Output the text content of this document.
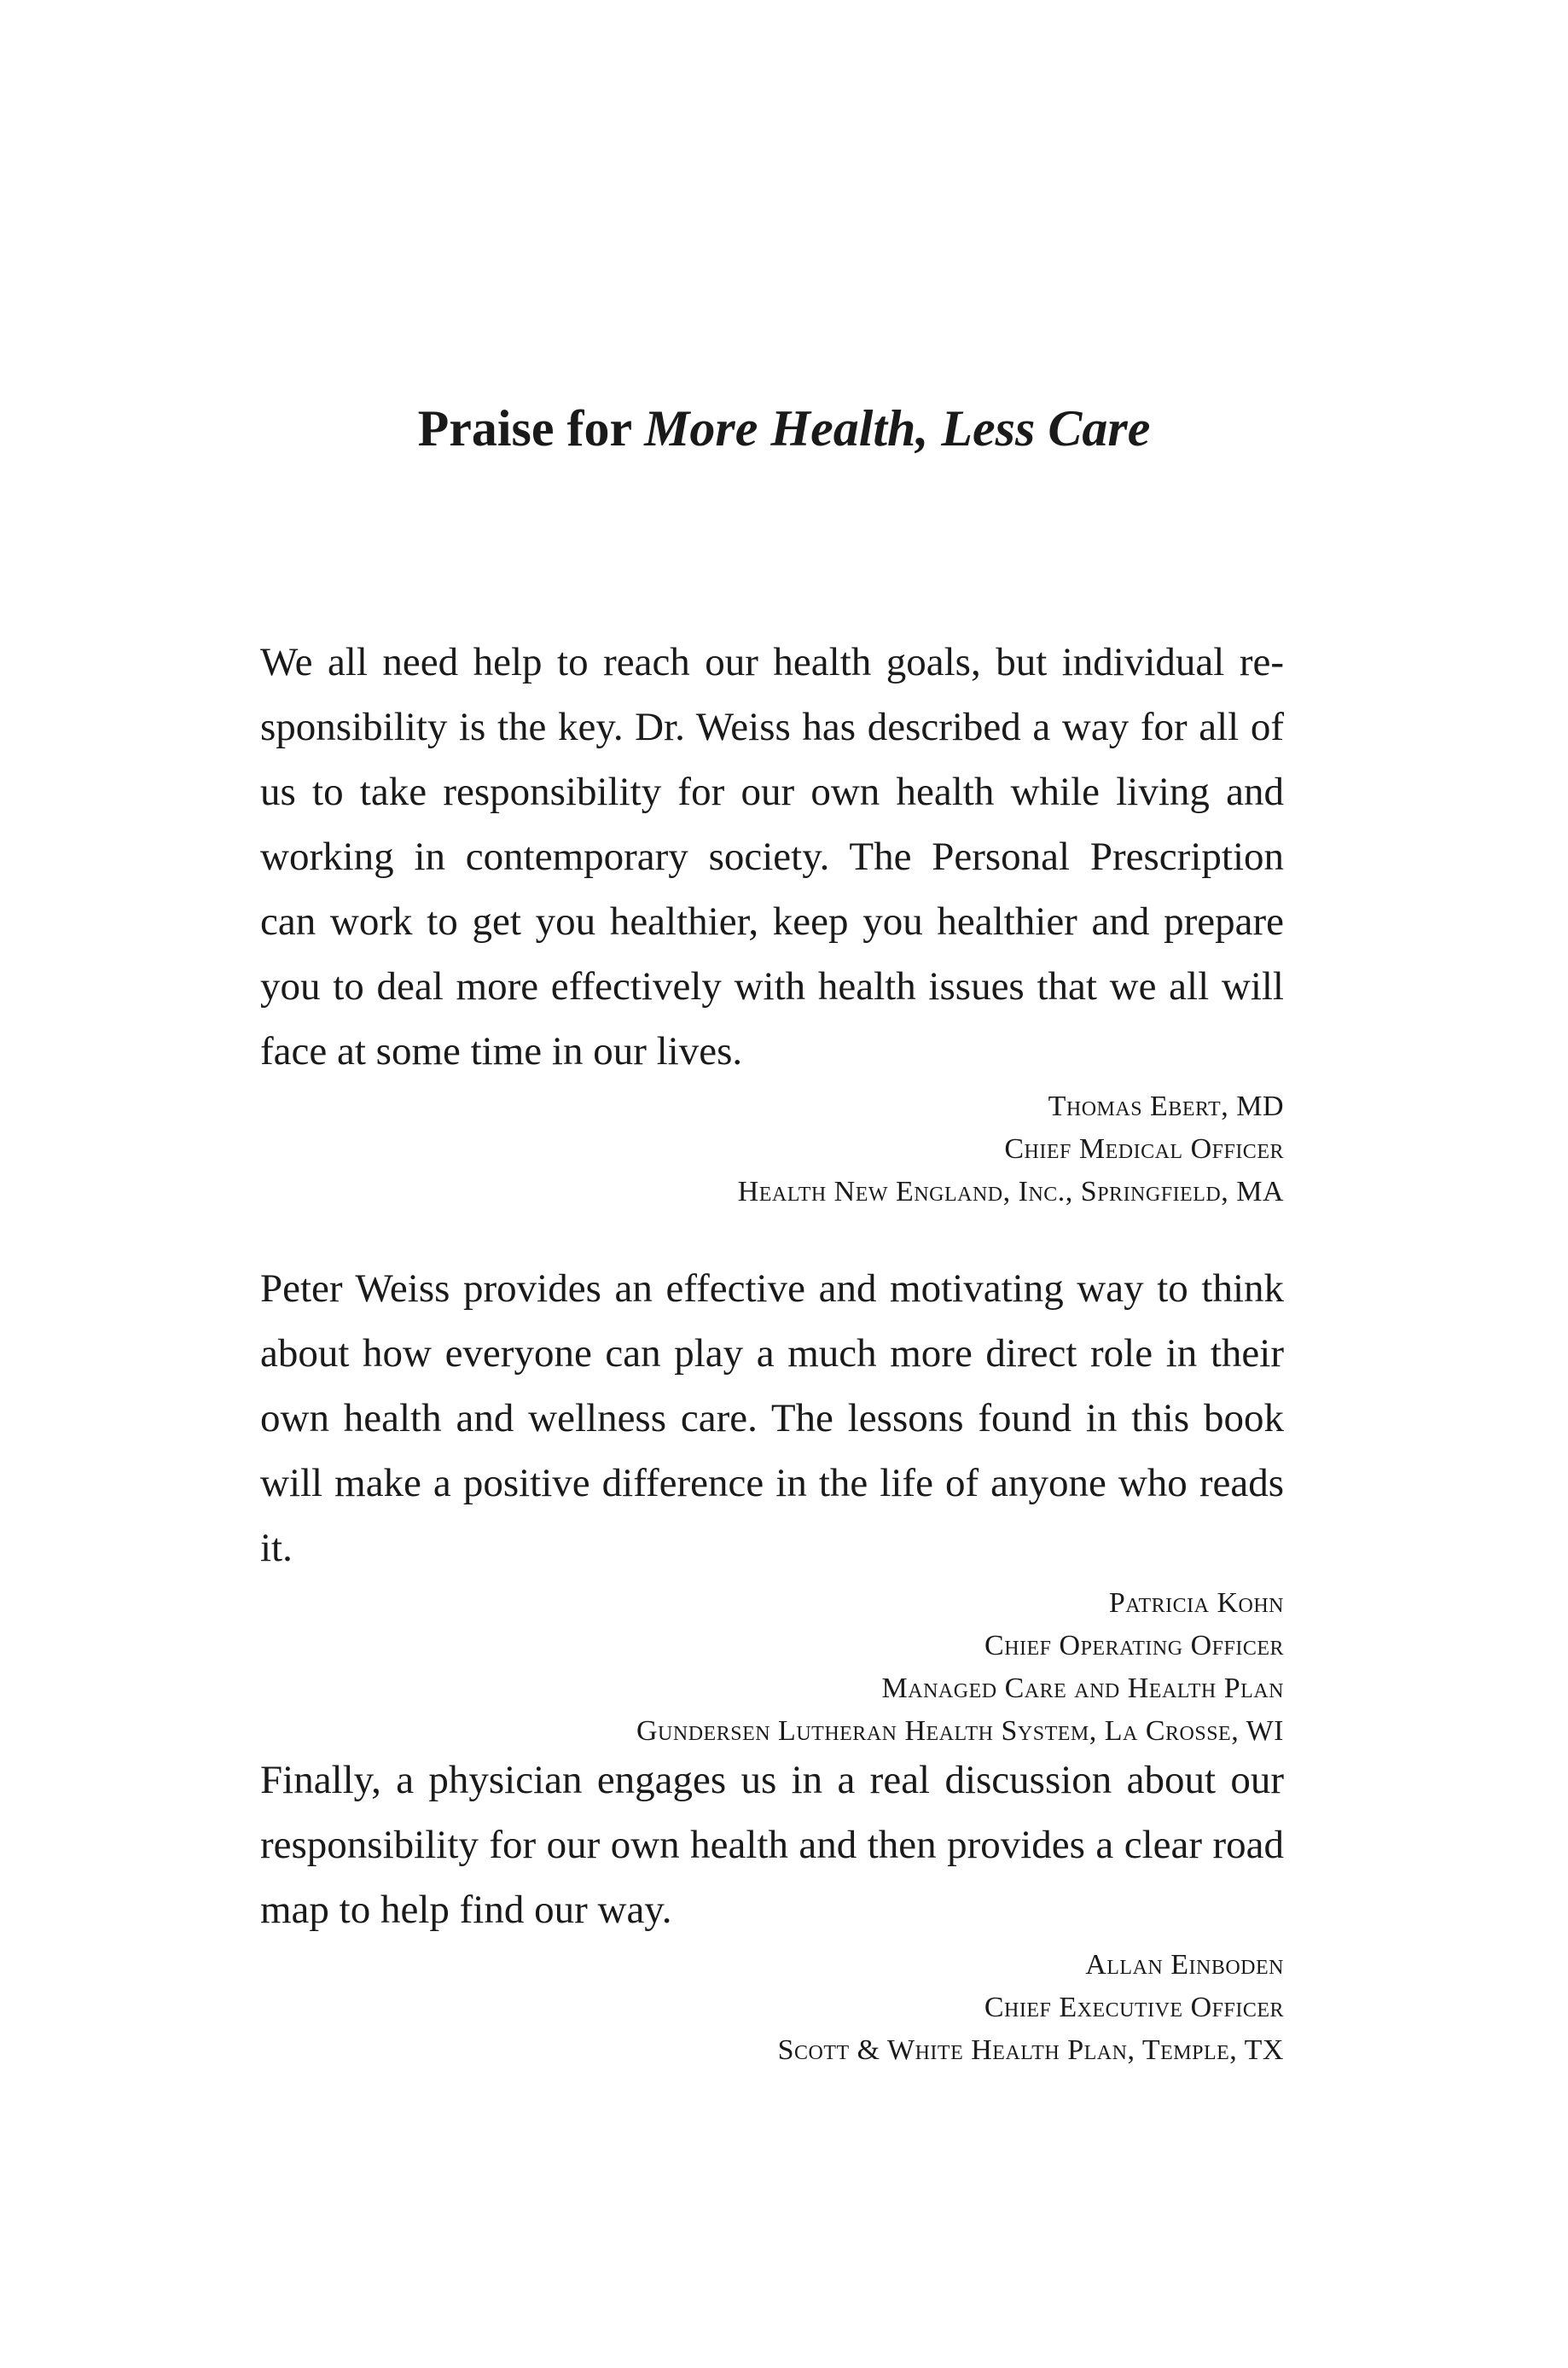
Praise for More Health, Less Care

We all need help to reach our health goals, but individual responsibility is the key. Dr. Weiss has described a way for all of us to take responsibility for our own health while living and working in contemporary society. The Personal Prescription can work to get you healthier, keep you healthier and prepare you to deal more effectively with health issues that we all will face at some time in our lives.

Thomas Ebert, MD
Chief Medical Officer
Health New England, Inc., Springfield, MA

Peter Weiss provides an effective and motivating way to think about how everyone can play a much more direct role in their own health and wellness care. The lessons found in this book will make a positive difference in the life of anyone who reads it.

Patricia Kohn
Chief Operating Officer
Managed Care and Health Plan
Gundersen Lutheran Health System, La Crosse, WI

Finally, a physician engages us in a real discussion about our responsibility for our own health and then provides a clear road map to help find our way.

Allan Einboden
Chief Executive Officer
Scott & White Health Plan, Temple, TX
